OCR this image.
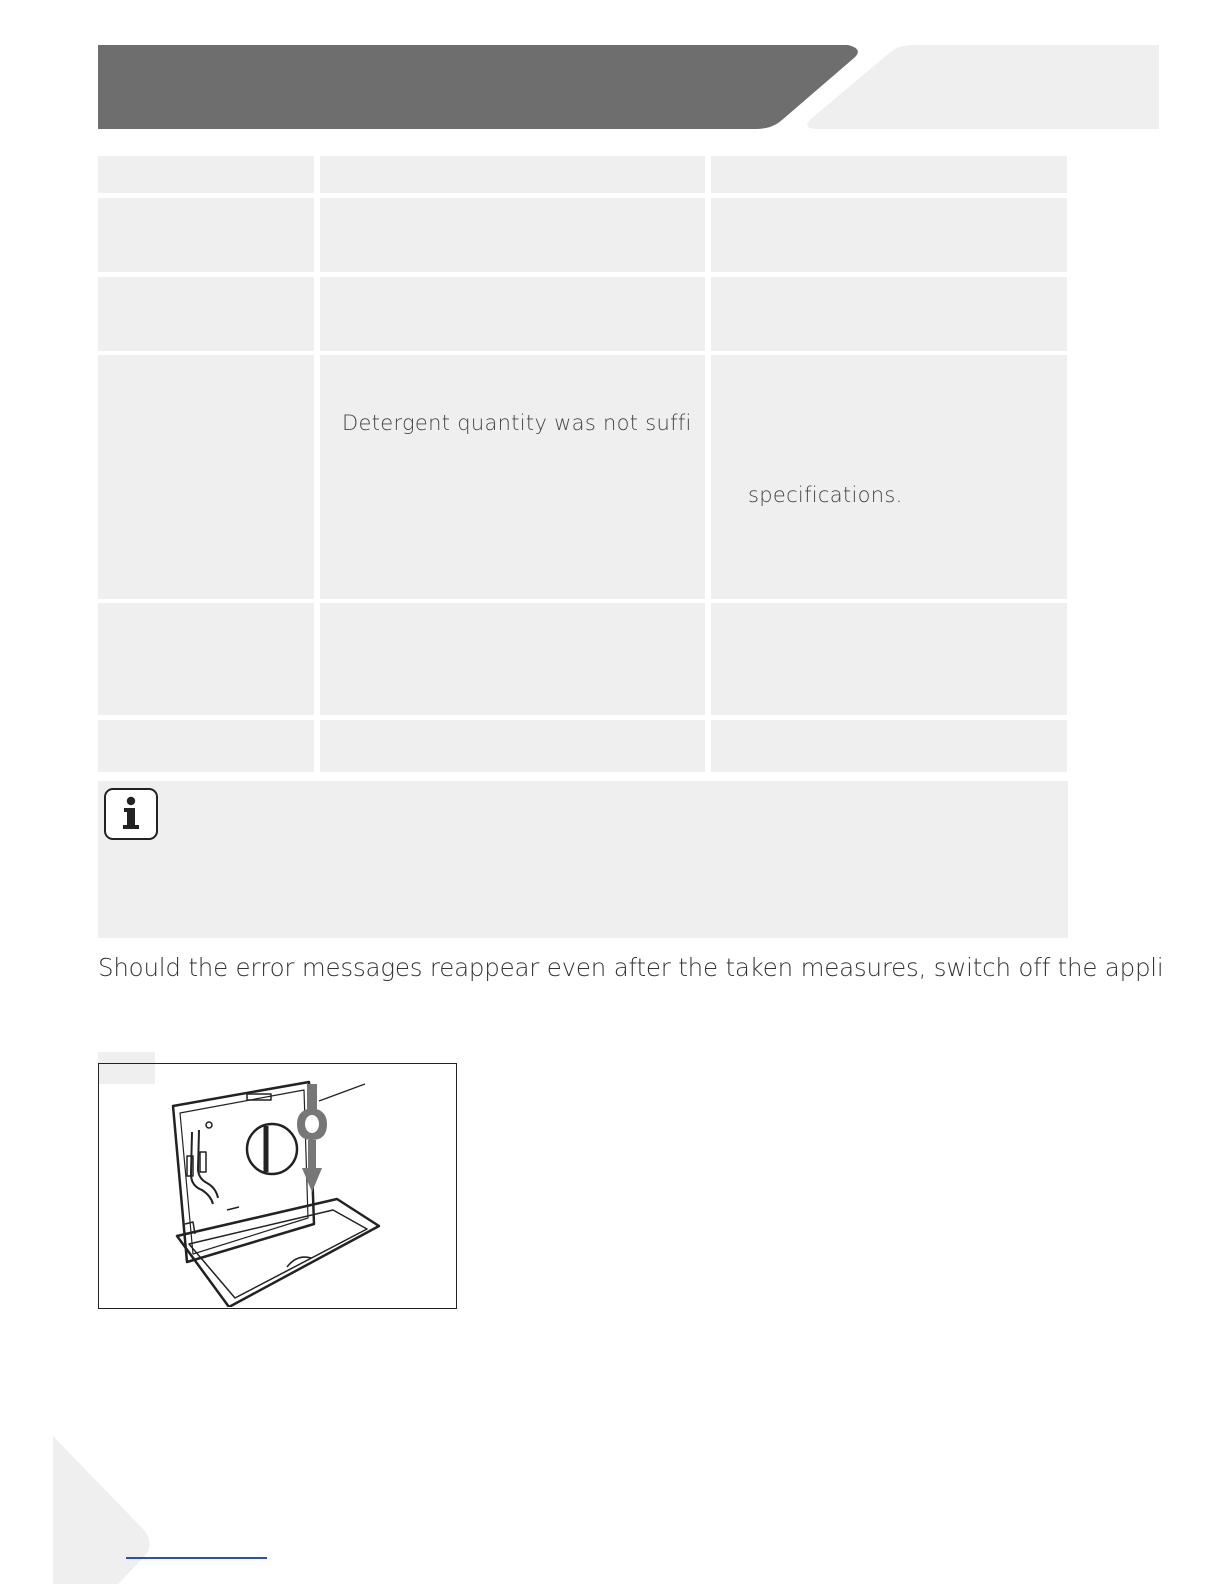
Detergent quantity was not suffi
specifications.
Should the error messages reappear even after the taken measures, switch off the appli
